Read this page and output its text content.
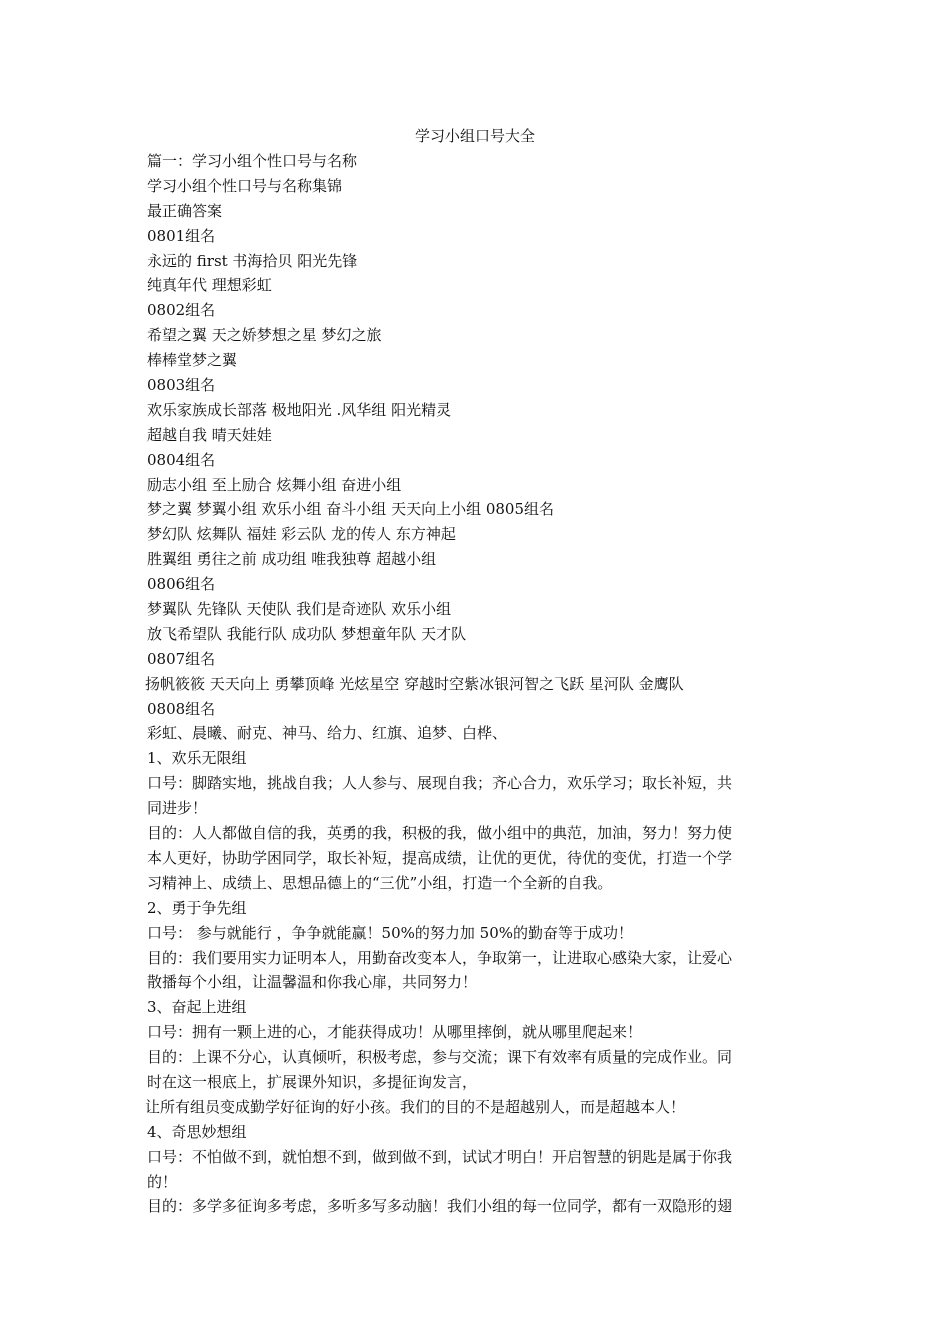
学习小组口号大全
篇一：学习小组个性口号与名称
学习小组个性口号与名称集锦
最正确答案
0801组名
永远的 first 书海拾贝 阳光先锋
纯真年代 理想彩虹
0802组名
希望之翼 天之娇梦想之星 梦幻之旅
棒棒堂梦之翼
0803组名
欢乐家族成长部落 极地阳光 .风华组 阳光精灵
超越自我 晴天娃娃
0804组名
励志小组 至上励合 炫舞小组 奋进小组
梦之翼 梦翼小组 欢乐小组 奋斗小组 天天向上小组 0805组名
梦幻队 炫舞队 福娃 彩云队 龙的传人 东方神起
胜翼组 勇往之前 成功组 唯我独尊 超越小组
0806组名
梦翼队 先锋队 天使队 我们是奇迹队 欢乐小组
放飞希望队 我能行队 成功队 梦想童年队 天才队
0807组名
扬帆筱筱 天天向上 勇攀顶峰 光炫星空 穿越时空紫冰银河智之飞跃 星河队 金鹰队
0808组名
彩虹、晨曦、耐克、神马、给力、红旗、追梦、白桦、
1、欢乐无限组
口号：脚踏实地，挑战自我；人人参与、展现自我；齐心合力，欢乐学习；取长补短，共
同进步！
目的：人人都做自信的我，英勇的我，积极的我，做小组中的典范，加油，努力！努力使
本人更好，协助学困同学，取长补短，提高成绩，让优的更优，待优的变优，打造一个学
习精神上、成绩上、思想品德上的“三优”小组，打造一个全新的自我。
2、勇于争先组
口号： 参与就能行 ，争争就能赢！50%的努力加 50%的勤奋等于成功！
目的：我们要用实力证明本人，用勤奋改变本人，争取第一，让进取心感染大家，让爱心
散播每个小组，让温馨温和你我心扉，共同努力！
3、奋起上进组
口号：拥有一颗上进的心，才能获得成功！从哪里摔倒，就从哪里爬起来！
目的：上课不分心，认真倾听，积极考虑，参与交流；课下有效率有质量的完成作业。同
时在这一根底上，扩展课外知识，多提征询发言，
让所有组员变成勤学好征询的好小孩。我们的目的不是超越别人，而是超越本人！
4、奇思妙想组
口号：不怕做不到，就怕想不到，做到做不到，试试才明白！开启智慧的钥匙是属于你我
的！
目的：多学多征询多考虑，多听多写多动脑！我们小组的每一位同学，都有一双隐形的翅
